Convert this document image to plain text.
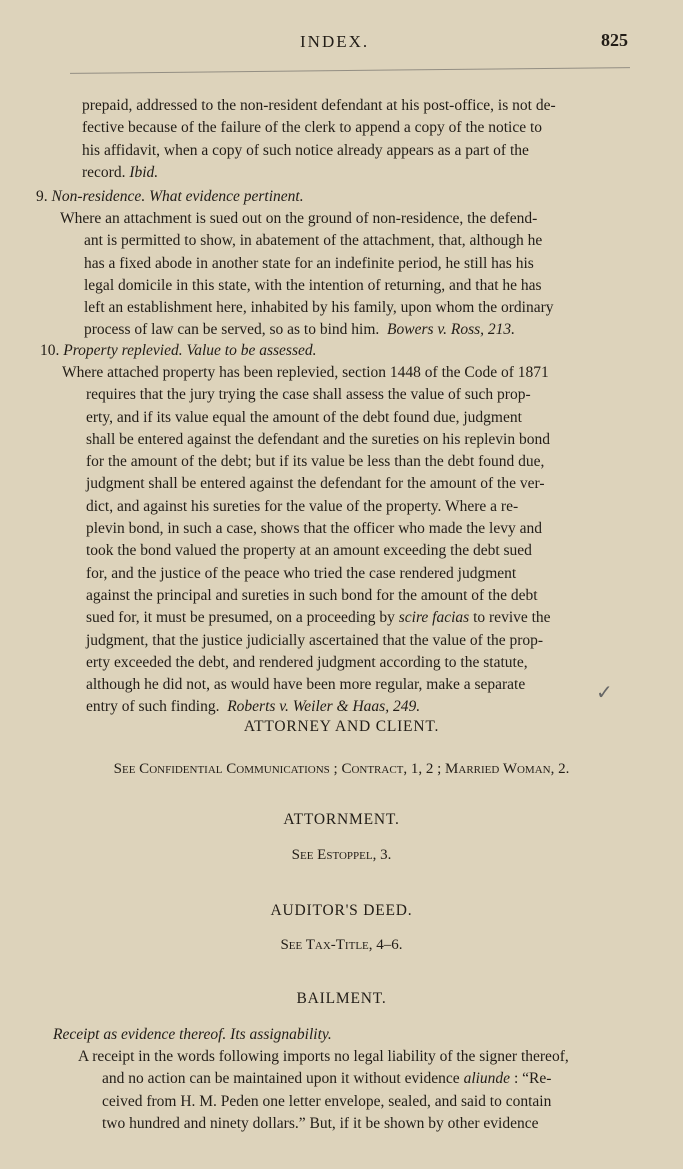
INDEX.	825
prepaid, addressed to the non-resident defendant at his post-office, is not de-
fective because of the failure of the clerk to append a copy of the notice to
his affidavit, when a copy of such notice already appears as a part of the
record. Ibid.
9. Non-residence. What evidence pertinent.
Where an attachment is sued out on the ground of non-residence, the defend-
ant is permitted to show, in abatement of the attachment, that, although he
has a fixed abode in another state for an indefinite period, he still has his
legal domicile in this state, with the intention of returning, and that he has
left an establishment here, inhabited by his family, upon whom the ordinary
process of law can be served, so as to bind him. Bowers v. Ross, 213.
10. Property replevied. Value to be assessed.
Where attached property has been replevied, section 1448 of the Code of 1871
requires that the jury trying the case shall assess the value of such prop-
erty, and if its value equal the amount of the debt found due, judgment
shall be entered against the defendant and the sureties on his replevin bond
for the amount of the debt; but if its value be less than the debt found due,
judgment shall be entered against the defendant for the amount of the ver-
dict, and against his sureties for the value of the property. Where a re-
plevin bond, in such a case, shows that the officer who made the levy and
took the bond valued the property at an amount exceeding the debt sued
for, and the justice of the peace who tried the case rendered judgment
against the principal and sureties in such bond for the amount of the debt
sued for, it must be presumed, on a proceeding by scire facias to revive the
judgment, that the justice judicially ascertained that the value of the prop-
erty exceeded the debt, and rendered judgment according to the statute,
although he did not, as would have been more regular, make a separate
entry of such finding. Roberts v. Weiler & Haas, 249.
✓
ATTORNEY AND CLIENT.
See Confidential Communications ; Contract, 1, 2 ; Married Woman, 2.
ATTORNMENT.
See Estoppel, 3.
AUDITOR'S DEED.
See Tax-Title, 4–6.
BAILMENT.
Receipt as evidence thereof. Its assignability.
A receipt in the words following imports no legal liability of the signer thereof,
and no action can be maintained upon it without evidence aliunde : “Re-
ceived from H. M. Peden one letter envelope, sealed, and said to contain
two hundred and ninety dollars.” But, if it be shown by other evidence
